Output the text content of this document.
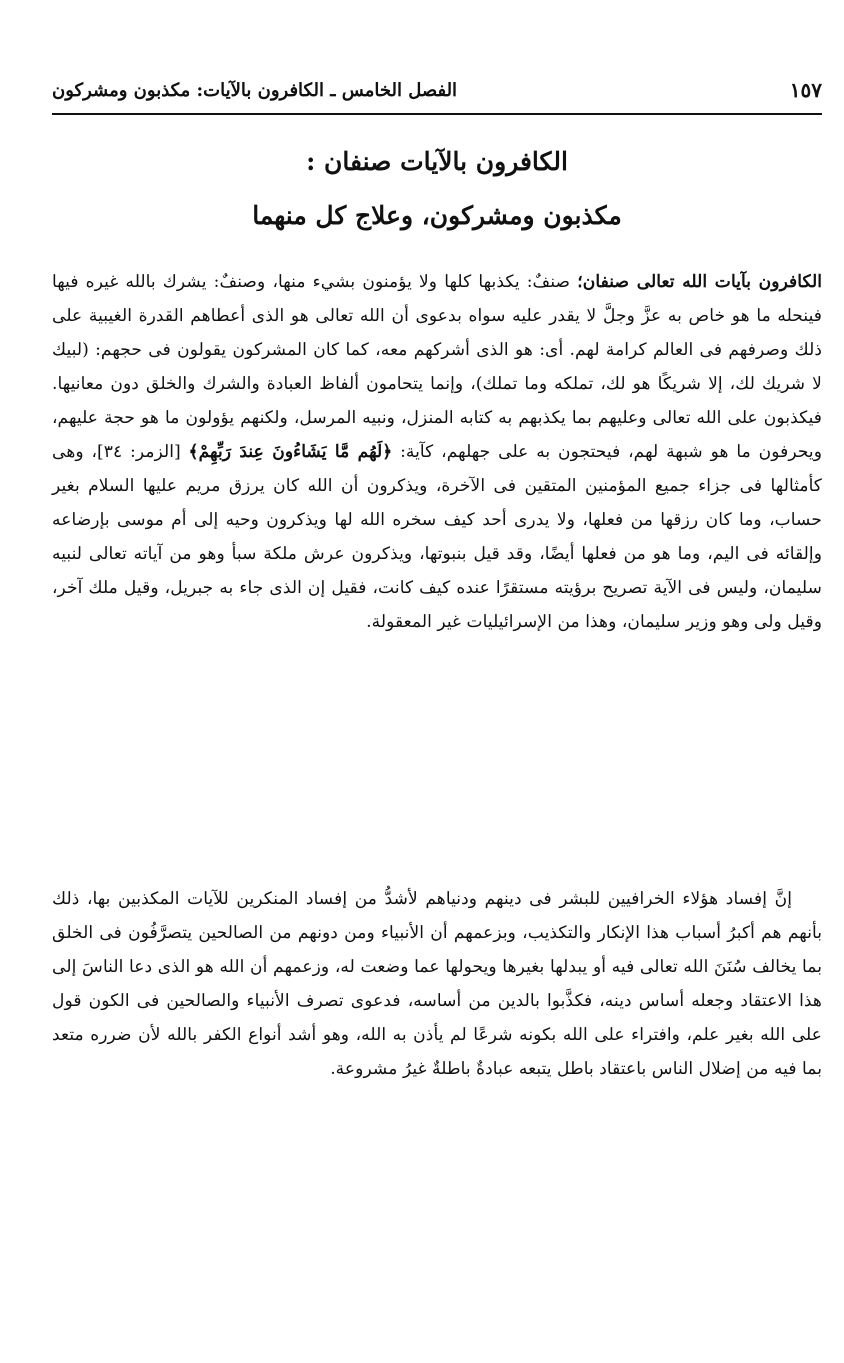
١٥٧
الفصل الخامس ـ الكافرون بالآيات: مكذبون ومشركون
الكافرون بالآيات صنفان :
مكذبون ومشركون، وعلاج كل منهما
الكافرون بآيات الله تعالى صنفان؛ صنفٌ: يكذبها كلها ولا يؤمنون بشيء منها، وصنفٌ: يشرك بالله غيره فيها فينحله ما هو خاص به عزَّ وجلَّ لا يقدر عليه سواه بدعوى أن الله تعالى هو الذى أعطاهم القدرة الغيبية على ذلك وصرفهم فى العالم كرامة لهم. أى: هو الذى أشركهم معه، كما كان المشركون يقولون فى حجهم: (لبيك لا شريك لك، إلا شريكًا هو لك، تملكه وما تملك)، وإنما يتحامون ألفاظ العبادة والشرك والخلق دون معانيها. فيكذبون على الله تعالى وعليهم بما يكذبهم به كتابه المنزل، ونبيه المرسل، ولكنهم يؤولون ما هو حجة عليهم، ويحرفون ما هو شبهة لهم، فيحتجون به على جهلهم، كآية: ﴿لَهُم مَّا يَشَاءُونَ عِندَ رَبِّهِمْ﴾ [الزمر: ٣٤]، وهى كأمثالها فى جزاء جميع المؤمنين المتقين فى الآخرة، ويذكرون أن الله كان يرزق مريم عليها السلام بغير حساب، وما كان رزقها من فعلها، ولا يدرى أحد كيف سخره الله لها ويذكرون وحيه إلى أم موسى بإرضاعه وإلقائه فى اليم، وما هو من فعلها أيضًا، وقد قيل بنبوتها، ويذكرون عرش ملكة سبأ وهو من آياته تعالى لنبيه سليمان، وليس فى الآية تصريح برؤيته مستقرًا عنده كيف كانت، فقيل إن الذى جاء به جبريل، وقيل ملك آخر، وقيل ولى وهو وزير سليمان، وهذا من الإسرائيليات غير المعقولة.
إنَّ إفساد هؤلاء الخرافيين للبشر فى دينهم ودنياهم لأشدُّ من إفساد المنكرين للآيات المكذبين بها، ذلك بأنهم هم أكبرُ أسباب هذا الإنكار والتكذيب، وبزعمهم أن الأنبياء ومن دونهم من الصالحين يتصرَّفُون فى الخلق بما يخالف سُنَنَ الله تعالى فيه أو يبدلها بغيرها ويحولها عما وضعت له، وزعمهم أن الله هو الذى دعا الناسَ إلى هذا الاعتقاد وجعله أساس دينه، فكذَّبوا بالدين من أساسه، فدعوى تصرف الأنبياء والصالحين فى الكون قول على الله بغير علم، وافتراء على الله بكونه شرعًا لم يأذن به الله، وهو أشد أنواع الكفر بالله لأن ضرره متعد بما فيه من إضلال الناس باعتقاد باطل يتبعه عبادةٌ باطلةٌ غيرُ مشروعة.
